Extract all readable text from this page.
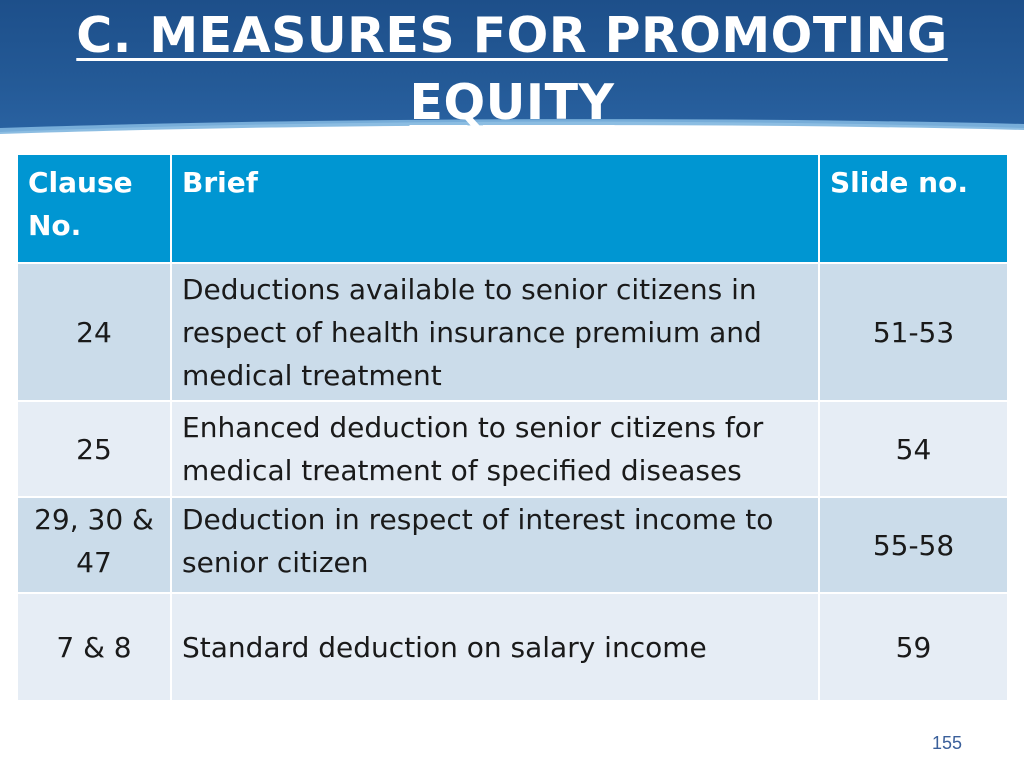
C. MEASURES FOR PROMOTING EQUITY
Clause No.	Brief	Slide no.
24	Deductions available to senior citizens in respect of health insurance premium and medical treatment	51-53
25	Enhanced deduction to senior citizens for medical treatment of specified diseases	54
29, 30 & 47	Deduction in respect of interest income to senior citizen	55-58
7 & 8	Standard deduction on salary income	59
155
